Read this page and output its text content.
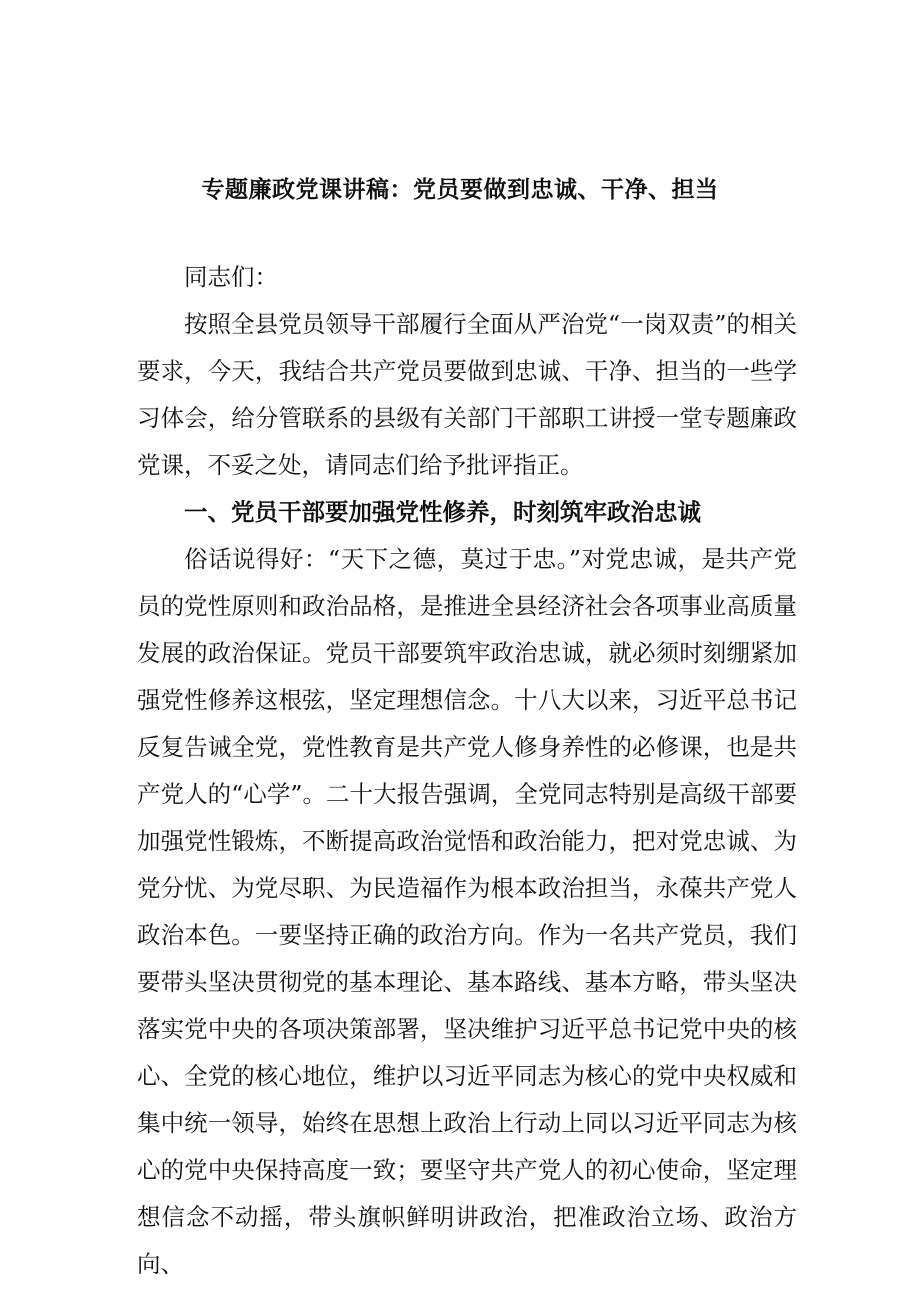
专题廉政党课讲稿：党员要做到忠诚、干净、担当

同志们：

按照全县党员领导干部履行全面从严治党“一岗双责”的相关要求，今天，我结合共产党员要做到忠诚、干净、担当的一些学习体会，给分管联系的县级有关部门干部职工讲授一堂专题廉政党课，不妥之处，请同志们给予批评指正。

一、党员干部要加强党性修养，时刻筑牢政治忠诚

俗话说得好：“天下之德，莫过于忠。”对党忠诚，是共产党员的党性原则和政治品格，是推进全县经济社会各项事业高质量发展的政治保证。党员干部要筑牢政治忠诚，就必须时刻绷紧加强党性修养这根弦，坚定理想信念。十八大以来，习近平总书记反复告诫全党，党性教育是共产党人修身养性的必修课，也是共产党人的“心学”。二十大报告强调，全党同志特别是高级干部要加强党性锻炼，不断提高政治觉悟和政治能力，把对党忠诚、为党分忧、为党尽职、为民造福作为根本政治担当，永葆共产党人政治本色。一要坚持正确的政治方向。作为一名共产党员，我们要带头坚决贯彻党的基本理论、基本路线、基本方略，带头坚决落实党中央的各项决策部署，坚决维护习近平总书记党中央的核心、全党的核心地位，维护以习近平同志为核心的党中央权威和集中统一领导，始终在思想上政治上行动上同以习近平同志为核心的党中央保持高度一致；要坚守共产党人的初心使命，坚定理想信念不动摇，带头旗帜鲜明讲政治，把准政治立场、政治方向、
